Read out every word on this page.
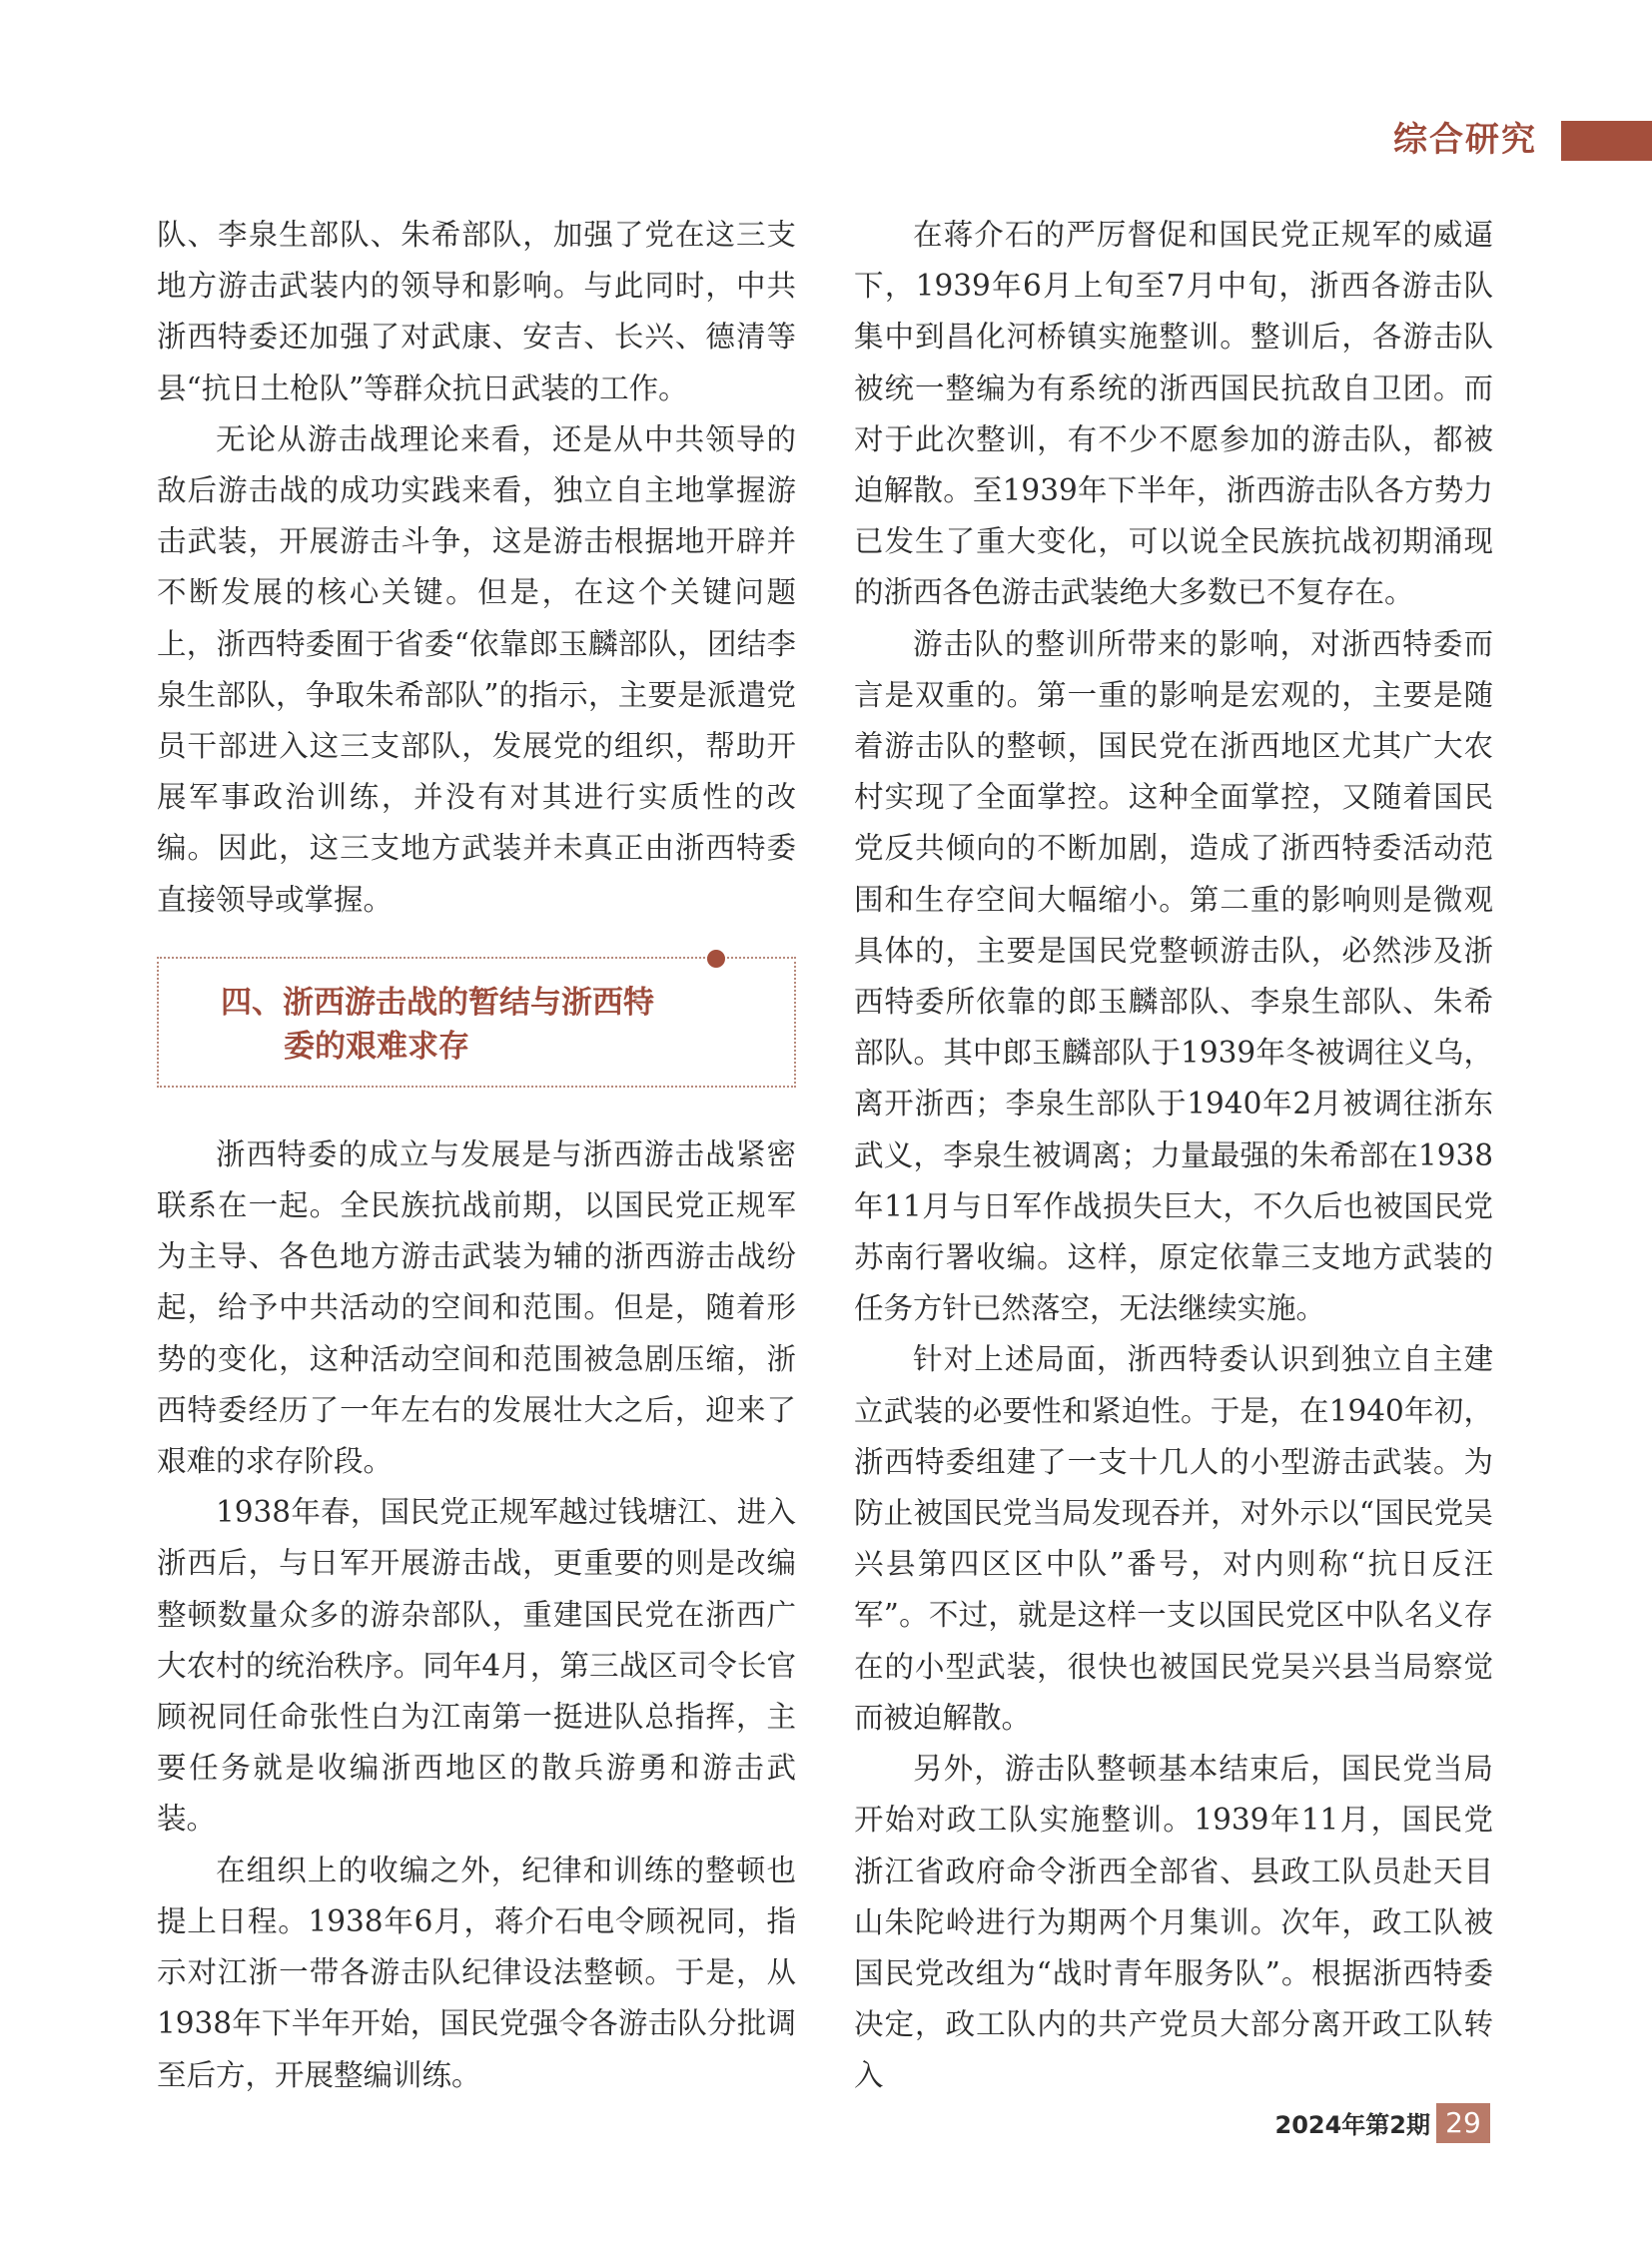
综合研究

队、李泉生部队、朱希部队，加强了党在这三支地方游击武装内的领导和影响。与此同时，中共浙西特委还加强了对武康、安吉、长兴、德清等县“抗日土枪队”等群众抗日武装的工作。

无论从游击战理论来看，还是从中共领导的敌后游击战的成功实践来看，独立自主地掌握游击武装，开展游击斗争，这是游击根据地开辟并不断发展的核心关键。但是，在这个关键问题上，浙西特委囿于省委“依靠郎玉麟部队，团结李泉生部队，争取朱希部队”的指示，主要是派遣党员干部进入这三支部队，发展党的组织，帮助开展军事政治训练，并没有对其进行实质性的改编。因此，这三支地方武装并未真正由浙西特委直接领导或掌握。

四、浙西游击战的暂结与浙西特
委的艰难求存

浙西特委的成立与发展是与浙西游击战紧密联系在一起。全民族抗战前期，以国民党正规军为主导、各色地方游击武装为辅的浙西游击战纷起，给予中共活动的空间和范围。但是，随着形势的变化，这种活动空间和范围被急剧压缩，浙西特委经历了一年左右的发展壮大之后，迎来了艰难的求存阶段。

1938年春，国民党正规军越过钱塘江、进入浙西后，与日军开展游击战，更重要的则是改编整顿数量众多的游杂部队，重建国民党在浙西广大农村的统治秩序。同年4月，第三战区司令长官顾祝同任命张性白为江南第一挺进队总指挥，主要任务就是收编浙西地区的散兵游勇和游击武装。

在组织上的收编之外，纪律和训练的整顿也提上日程。1938年6月，蒋介石电令顾祝同，指示对江浙一带各游击队纪律设法整顿。于是，从1938年下半年开始，国民党强令各游击队分批调至后方，开展整编训练。

在蒋介石的严厉督促和国民党正规军的威逼下，1939年6月上旬至7月中旬，浙西各游击队集中到昌化河桥镇实施整训。整训后，各游击队被统一整编为有系统的浙西国民抗敌自卫团。而对于此次整训，有不少不愿参加的游击队，都被迫解散。至1939年下半年，浙西游击队各方势力已发生了重大变化，可以说全民族抗战初期涌现的浙西各色游击武装绝大多数已不复存在。

游击队的整训所带来的影响，对浙西特委而言是双重的。第一重的影响是宏观的，主要是随着游击队的整顿，国民党在浙西地区尤其广大农村实现了全面掌控。这种全面掌控，又随着国民党反共倾向的不断加剧，造成了浙西特委活动范围和生存空间大幅缩小。第二重的影响则是微观具体的，主要是国民党整顿游击队，必然涉及浙西特委所依靠的郎玉麟部队、李泉生部队、朱希部队。其中郎玉麟部队于1939年冬被调往义乌，离开浙西；李泉生部队于1940年2月被调往浙东武义，李泉生被调离；力量最强的朱希部在1938年11月与日军作战损失巨大，不久后也被国民党苏南行署收编。这样，原定依靠三支地方武装的任务方针已然落空，无法继续实施。

针对上述局面，浙西特委认识到独立自主建立武装的必要性和紧迫性。于是，在1940年初，浙西特委组建了一支十几人的小型游击武装。为防止被国民党当局发现吞并，对外示以“国民党吴兴县第四区区中队”番号，对内则称“抗日反汪军”。不过，就是这样一支以国民党区中队名义存在的小型武装，很快也被国民党吴兴县当局察觉而被迫解散。

另外，游击队整顿基本结束后，国民党当局开始对政工队实施整训。1939年11月，国民党浙江省政府命令浙西全部省、县政工队员赴天目山朱陀岭进行为期两个月集训。次年，政工队被国民党改组为“战时青年服务队”。根据浙西特委决定，政工队内的共产党员大部分离开政工队转入

2024年第2期 29
